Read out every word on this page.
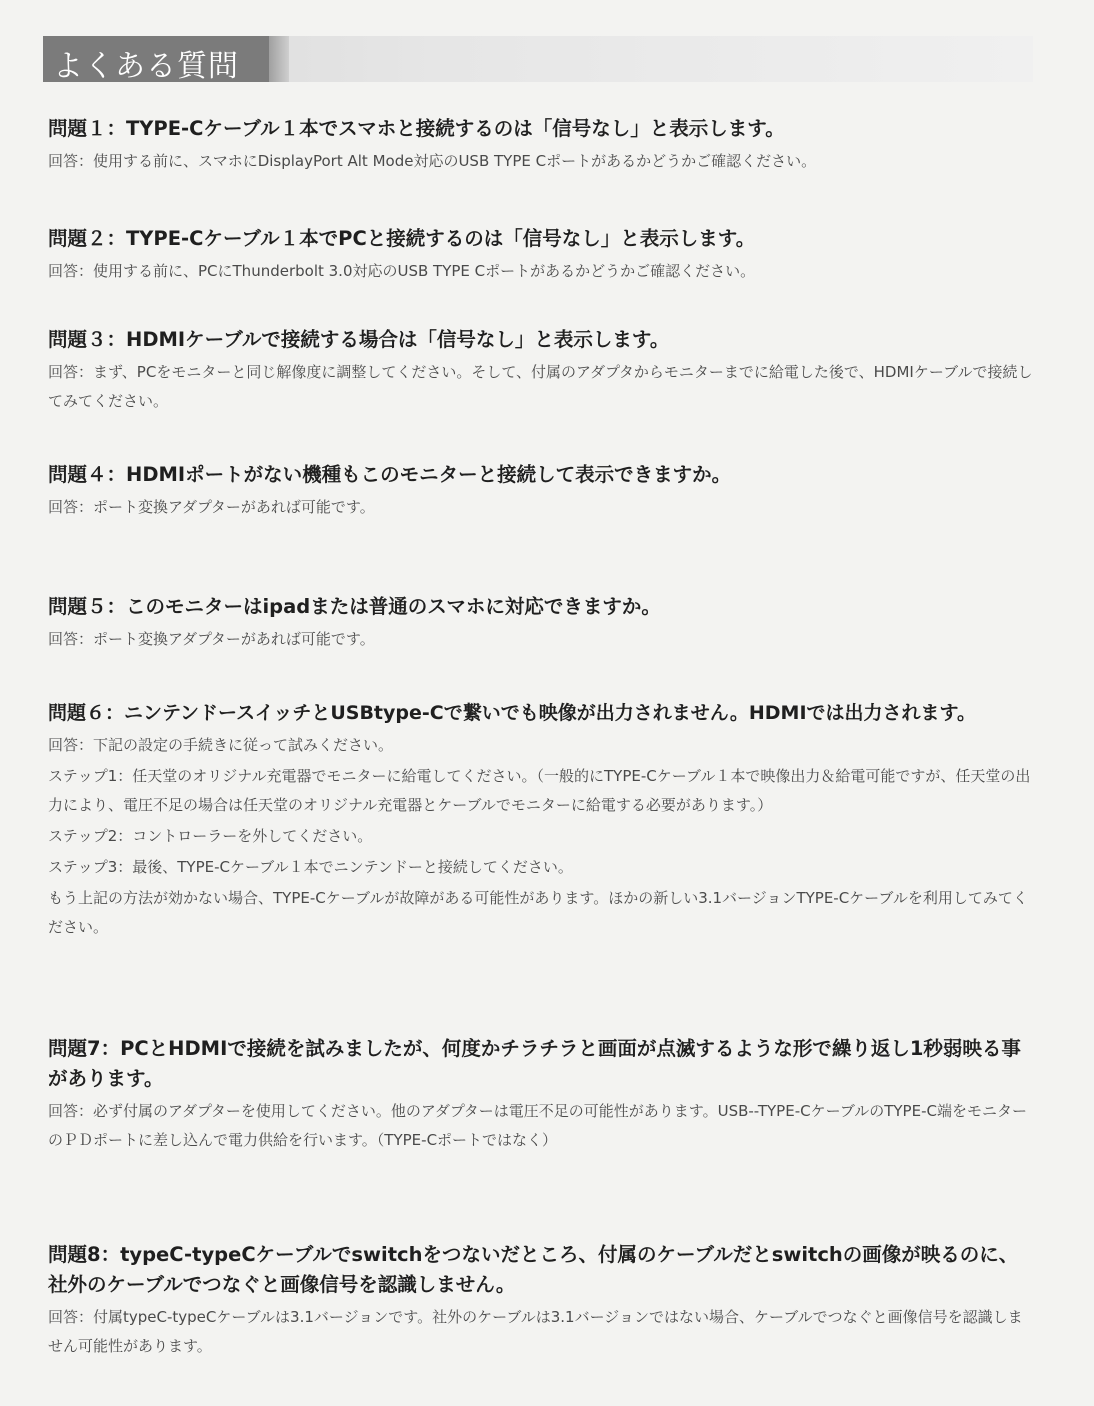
よくある質問

問題１：TYPE-Cケーブル１本でスマホと接続するのは「信号なし」と表示します。

回答：使用する前に、スマホにDisplayPort Alt Mode対応のUSB TYPE Cポートがあるかどうかご確認ください。

問題２：TYPE-Cケーブル１本でPCと接続するのは「信号なし」と表示します。

回答：使用する前に、PCにThunderbolt 3.0対応のUSB TYPE Cポートがあるかどうかご確認ください。

問題３：HDMIケーブルで接続する場合は「信号なし」と表示します。

回答：まず、PCをモニターと同じ解像度に調整してください。そして、付属のアダプタからモニターまでに給電した後で、HDMIケーブルで接続してみてください。

問題４：HDMIポートがない機種もこのモニターと接続して表示できますか。

回答：ポート変換アダプターがあれば可能です。

問題５：このモニターはipadまたは普通のスマホに対応できますか。

回答：ポート変換アダプターがあれば可能です。

問題６：ニンテンドースイッチとUSBtype-Cで繋いでも映像が出力されません。HDMIでは出力されます。

回答：下記の設定の手続きに従って試みください。

ステップ1：任天堂のオリジナル充電器でモニターに給電してください。（一般的にTYPE-Cケーブル１本で映像出力＆給電可能ですが、任天堂の出力により、電圧不足の場合は任天堂のオリジナル充電器とケーブルでモニターに給電する必要があります。）

ステップ2：コントローラーを外してください。

ステップ3：最後、TYPE-Cケーブル１本でニンテンドーと接続してください。

もう上記の方法が効かない場合、TYPE-Cケーブルが故障がある可能性があります。ほかの新しい3.1バージョンTYPE-Cケーブルを利用してみてください。

問題7：PCとHDMIで接続を試みましたが、何度かチラチラと画面が点滅するような形で繰り返し1秒弱映る事があります。

回答：必ず付属のアダプターを使用してください。他のアダプターは電圧不足の可能性があります。USB--TYPE-CケーブルのTYPE-C端をモニターのＰＤポートに差し込んで電力供給を行います。（TYPE-Cポートではなく）

問題8：typeC-typeCケーブルでswitchをつないだところ、付属のケーブルだとswitchの画像が映るのに、社外のケーブルでつなぐと画像信号を認識しません。

回答：付属typeC-typeCケーブルは3.1バージョンです。社外のケーブルは3.1バージョンではない場合、ケーブルでつなぐと画像信号を認識しません可能性があります。
